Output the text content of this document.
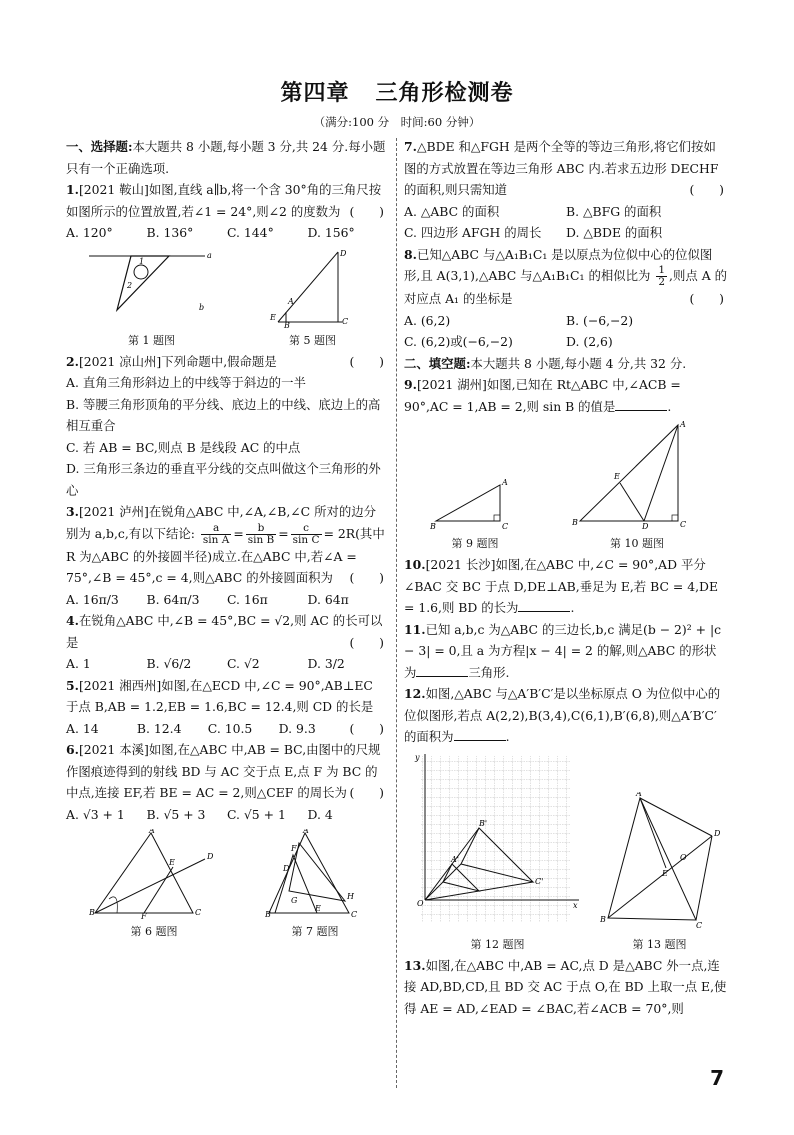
第四章 三角形检测卷
（满分:100 分　时间:60 分钟）

一、选择题:本大题共 8 小题,每小题 3 分,共 24 分.每小题只有一个正确选项.

1.[2021 鞍山]如图,直线 a∥b,将一个含 30°角的三角尺按如图所示的位置放置,若∠1 = 24°,则∠2 的度数为 (　　)

A. 120°	B. 136°	C. 144°	D. 156°
a
1
2
b
第 1 题图
D
A
E
B	C
第 5 题图

2.[2021 凉山州]下列命题中,假命题是	(　　)

A. 直角三角形斜边上的中线等于斜边的一半

B. 等腰三角形顶角的平分线、底边上的中线、底边上的高相互重合

C. 若 AB = BC,则点 B 是线段 AC 的中点

D. 三角形三条边的垂直平分线的交点叫做这个三角形的外心

3.[2021 泸州]在锐角△ABC 中,∠A,∠B,∠C 所对的边分别为 a,b,c,有以下结论: $\frac{a}{\text{sin A}} = \frac{b}{\text{sin B}} = \frac{c}{\text{sin C}} = 2R$(其中 R 为△ABC 的外接圆半径)成立.在△ABC 中,若∠A = 75°,∠B = 45°,c = 4,则△ABC 的外接圆面积为 (　　)

A. 16π/3	B. 64π/3	C. 16π	D. 64π

4.在锐角△ABC 中,∠B = 45°,BC = √2,则 AC 的长可以是	(　　)

A. 1	B. √6/2	C. √2	D. 3/2

5.[2021 湘西州]如图,在△ECD 中,∠C = 90°,AB⊥EC 于点 B,AB = 1.2,EB = 1.6,BC = 12.4,则 CD 的长是
(　　)

A. 14	B. 12.4	C. 10.5	D. 9.3

6.[2021 本溪]如图,在△ABC 中,AB = BC,由图中的尺规作图痕迹得到的射线 BD 与 AC 交于点 E,点 F 为 BC 的中点,连接 EF,若 BE = AC = 2,则△CEF 的周长为 (　　)

A. √3 + 1	B. √5 + 3	C. √5 + 1	D. 4
A
B	C
D
E
F
第 6 题图
A
B	C
F
D
H
E
G
第 7 题图

7.△BDE 和△FGH 是两个全等的等边三角形,将它们按如图的方式放置在等边三角形 ABC 内.若求五边形 DECHF 的面积,则只需知道	(　　)

A. △ABC 的面积	B. △BFG 的面积
C. 四边形 AFGH 的周长	D. △BDE 的面积

8.已知△ABC 与△A₁B₁C₁ 是以原点为位似中心的位似图形,且 A(3,1),△ABC 与△A₁B₁C₁ 的相似比为 $\frac{1}{2}$ ,则点 A 的对应点 A₁ 的坐标是	(　　)

A. (6,2)	B. (−6,−2)
C. (6,2)或(−6,−2)	D. (2,6)

二、填空题:本大题共 8 小题,每小题 4 分,共 32 分.

9.[2021 湖州]如图,已知在 Rt△ABC 中,∠ACB = 90°,AC = 1,AB = 2,则 sin B 的值是	.

A
B	C
第 9 题图
A
B	C
D
E
第 10 题图

10.[2021 长沙]如图,在△ABC 中,∠C = 90°,AD 平分∠BAC 交 BC 于点 D,DE⊥AB,垂足为 E,若 BC = 4,DE = 1.6,则 BD 的长为	.

11.已知 a,b,c 为△ABC 的三边长,b,c 满足(b − 2)² + |c − 3| = 0,且 a 为方程|x − 4| = 2 的解,则△ABC 的形状为	三角形.

12.如图,△ABC 与△A′B′C′是以坐标原点 O 为位似中心的位似图形,若点 A(2,2),B(3,4),C(6,1),B′(6,8),则△A′B′C′的面积为	.

y
x
O
B'
C'
A'
第 12 题图
A
B
C
D
E
O
第 13 题图

13.如图,在△ABC 中,AB = AC,点 D 是△ABC 外一点,连接 AD,BD,CD,且 BD 交 AC 于点 O,在 BD 上取一点 E,使得 AE = AD,∠EAD = ∠BAC,若∠ACB = 70°,则

7
